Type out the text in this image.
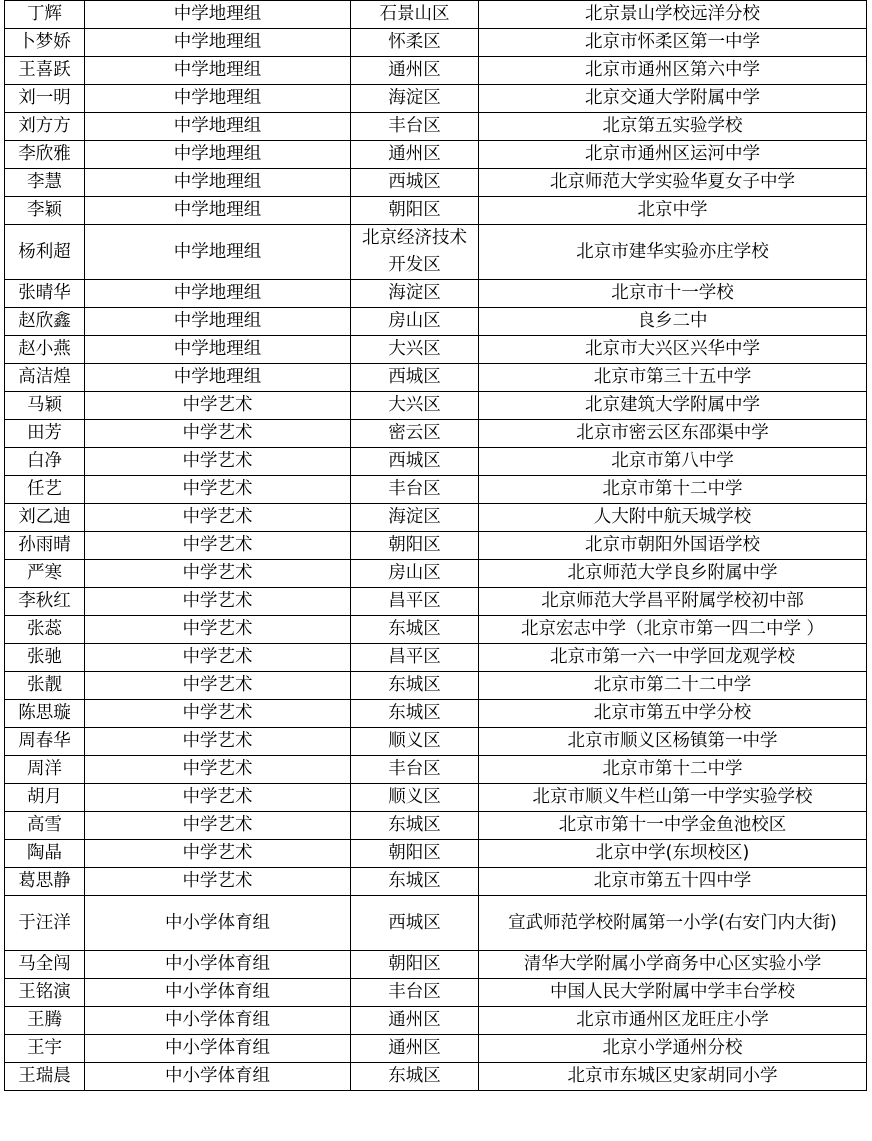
丁辉	中学地理组	石景山区	北京景山学校远洋分校
卜梦娇	中学地理组	怀柔区	北京市怀柔区第一中学
王喜跃	中学地理组	通州区	北京市通州区第六中学
刘一明	中学地理组	海淀区	北京交通大学附属中学
刘方方	中学地理组	丰台区	北京第五实验学校
李欣雅	中学地理组	通州区	北京市通州区运河中学
李慧	中学地理组	西城区	北京师范大学实验华夏女子中学
李颖	中学地理组	朝阳区	北京中学
杨利超	中学地理组	北京经济技术开发区	北京市建华实验亦庄学校
张晴华	中学地理组	海淀区	北京市十一学校
赵欣鑫	中学地理组	房山区	良乡二中
赵小燕	中学地理组	大兴区	北京市大兴区兴华中学
高洁煌	中学地理组	西城区	北京市第三十五中学
马颖	中学艺术	大兴区	北京建筑大学附属中学
田芳	中学艺术	密云区	北京市密云区东邵渠中学
白净	中学艺术	西城区	北京市第八中学
任艺	中学艺术	丰台区	北京市第十二中学
刘乙迪	中学艺术	海淀区	人大附中航天城学校
孙雨晴	中学艺术	朝阳区	北京市朝阳外国语学校
严寒	中学艺术	房山区	北京师范大学良乡附属中学
李秋红	中学艺术	昌平区	北京师范大学昌平附属学校初中部
张蕊	中学艺术	东城区	北京宏志中学（北京市第一四二中学 ）
张驰	中学艺术	昌平区	北京市第一六一中学回龙观学校
张靓	中学艺术	东城区	北京市第二十二中学
陈思璇	中学艺术	东城区	北京市第五中学分校
周春华	中学艺术	顺义区	北京市顺义区杨镇第一中学
周洋	中学艺术	丰台区	北京市第十二中学
胡月	中学艺术	顺义区	北京市顺义牛栏山第一中学实验学校
高雪	中学艺术	东城区	北京市第十一中学金鱼池校区
陶晶	中学艺术	朝阳区	北京中学(东坝校区)
葛思静	中学艺术	东城区	北京市第五十四中学
于汪洋	中小学体育组	西城区	宣武师范学校附属第一小学(右安门内大街)
马全闯	中小学体育组	朝阳区	清华大学附属小学商务中心区实验小学
王铭演	中小学体育组	丰台区	中国人民大学附属中学丰台学校
王腾	中小学体育组	通州区	北京市通州区龙旺庄小学
王宇	中小学体育组	通州区	北京小学通州分校
王瑞晨	中小学体育组	东城区	北京市东城区史家胡同小学
